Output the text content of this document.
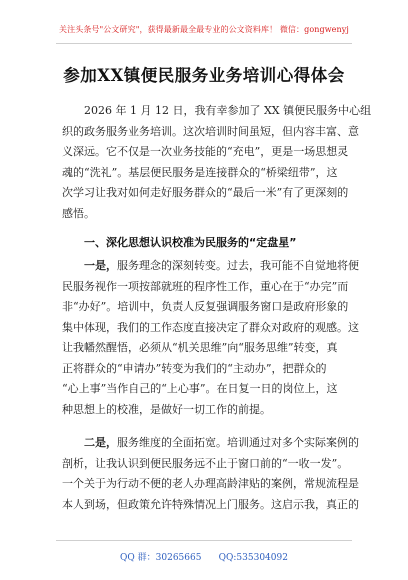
关注头条号"公文研究"，获得最新最全最专业的公文资料库！ 微信：gongwenyj
参加XX镇便民服务业务培训心得体会
2026 年 1 月 12 日，我有幸参加了 XX 镇便民服务中心组
织的政务服务业务培训。这次培训时间虽短，但内容丰富、意
义深远。它不仅是一次业务技能的“充电”，更是一场思想灵
魂的“洗礼”。基层便民服务是连接群众的“桥梁纽带”，这
次学习让我对如何走好服务群众的“最后一米”有了更深刻的
感悟。
一、深化思想认识校准为民服务的“定盘星”
一是，服务理念的深刻转变。过去，我可能不自觉地将便
民服务视作一项按部就班的程序性工作，重心在于“办完”而
非“办好”。培训中，负责人反复强调服务窗口是政府形象的
集中体现，我们的工作态度直接决定了群众对政府的观感。这
让我幡然醒悟，必须从“机关思维”向“服务思维”转变，真
正将群众的“申请办”转变为我们的“主动办”，把群众的
“心上事”当作自己的“上心事”。在日复一日的岗位上，这
种思想上的校准，是做好一切工作的前提。
二是，服务维度的全面拓宽。培训通过对多个实际案例的
剖析，让我认识到便民服务远不止于窗口前的“一收一发”。
一个关于为行动不便的老人办理高龄津贴的案例，常规流程是
本人到场，但政策允许特殊情况上门服务。这启示我，真正的
QQ 群：30265665 QQ:535304092
